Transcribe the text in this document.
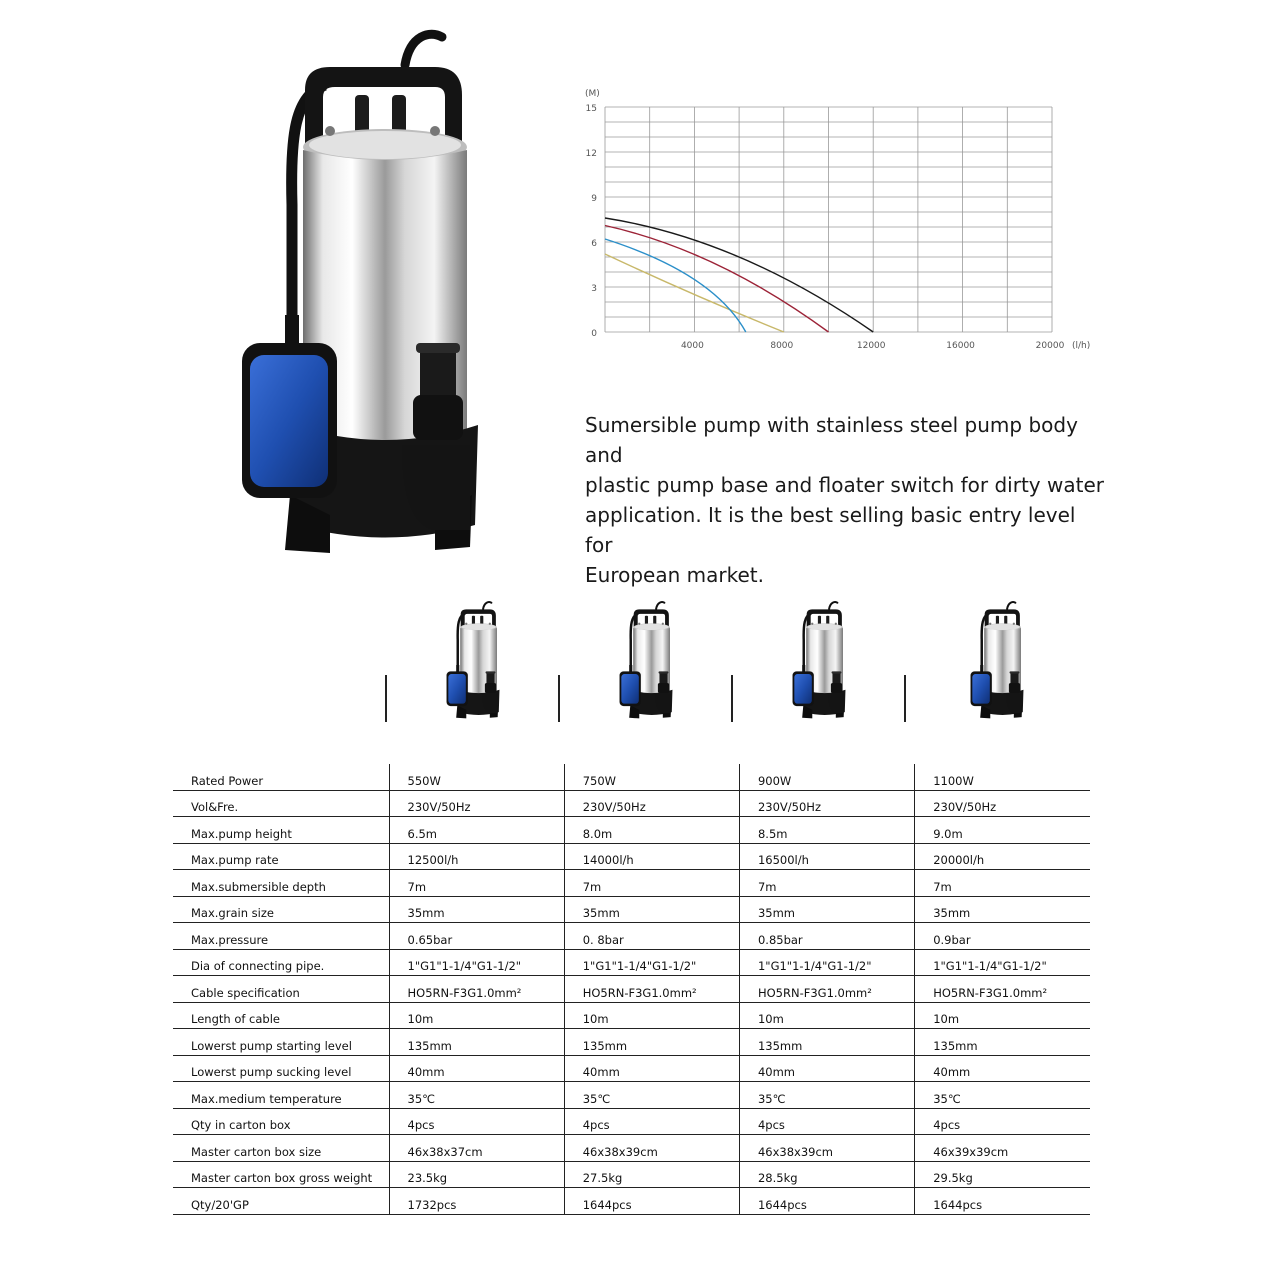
15
12
9
6
3
0
4000	8000	12000	16000	20000
(M)
(l/h)

Sumersible pump with stainless steel pump body and
plastic pump base and floater switch for dirty water
application. It is the best selling basic entry level for
European market.

Rated Power	550W	750W	900W	1100W
Vol&Fre.	230V/50Hz	230V/50Hz	230V/50Hz	230V/50Hz
Max.pump height	6.5m	8.0m	8.5m	9.0m
Max.pump rate	12500l/h	14000l/h	16500l/h	20000l/h
Max.submersible depth	7m	7m	7m	7m
Max.grain size	35mm	35mm	35mm	35mm
Max.pressure	0.65bar	0. 8bar	0.85bar	0.9bar
Dia of connecting pipe.	1"G1"1-1/4"G1-1/2"	1"G1"1-1/4"G1-1/2"	1"G1"1-1/4"G1-1/2"	1"G1"1-1/4"G1-1/2"
Cable specification	HO5RN-F3G1.0mm²	HO5RN-F3G1.0mm²	HO5RN-F3G1.0mm²	HO5RN-F3G1.0mm²
Length of cable	10m	10m	10m	10m
Lowerst pump starting level	135mm	135mm	135mm	135mm
Lowerst pump sucking level	40mm	40mm	40mm	40mm
Max.medium temperature	35℃	35℃	35℃	35℃
Qty in carton box	4pcs	4pcs	4pcs	4pcs
Master carton box size	46x38x37cm	46x38x39cm	46x38x39cm	46x39x39cm
Master carton box gross weight	23.5kg	27.5kg	28.5kg	29.5kg
Qty/20'GP	1732pcs	1644pcs	1644pcs	1644pcs
